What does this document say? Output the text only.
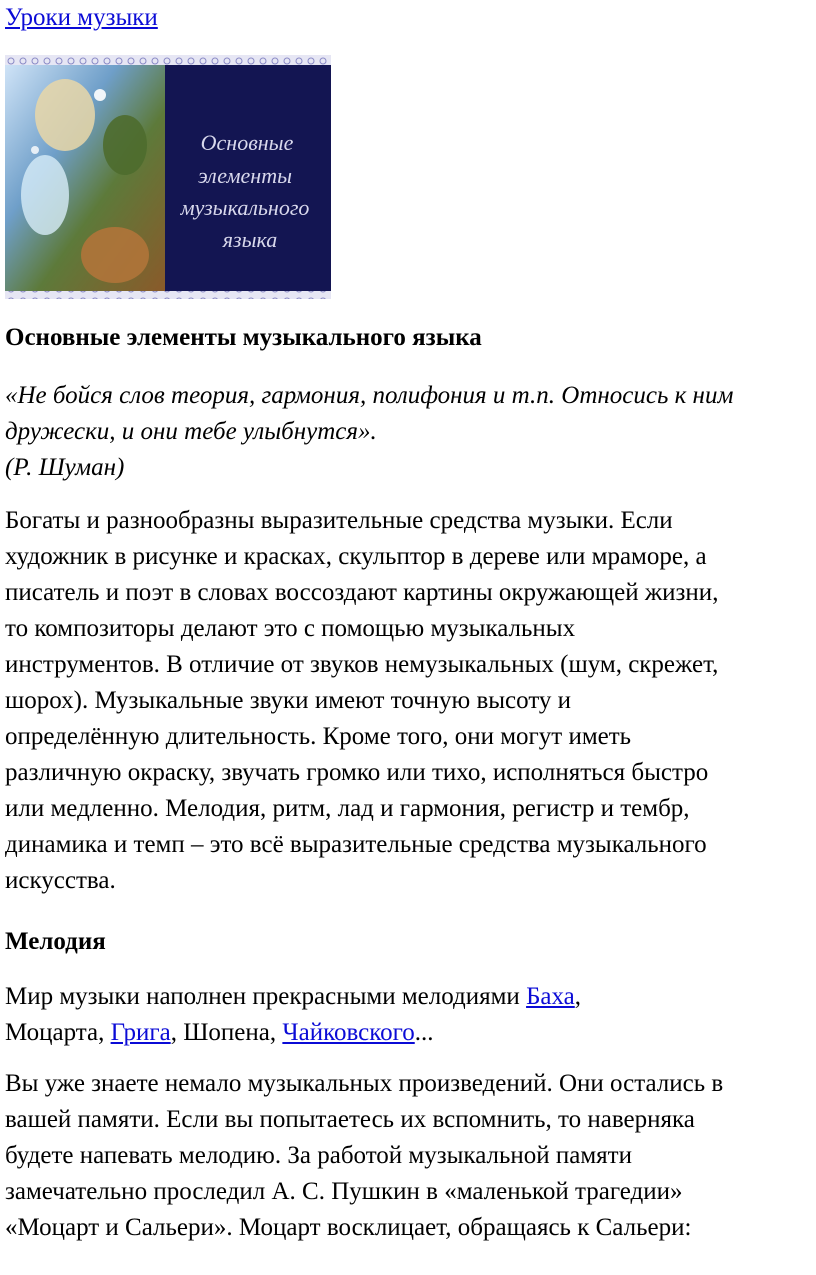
Уроки музыки
Основные
элементы
музыкального
языка

Основные элементы музыкального языка

«Не бойся слов теория, гармония, полифония и т.п. Относись к ним
дружески, и они тебе улыбнутся».
(Р. Шуман)
Богаты и разнообразны выразительные средства музыки. Если
художник в рисунке и красках, скульптор в дереве или мраморе, а
писатель и поэт в словах воссоздают картины окружающей жизни,
то композиторы делают это с помощью музыкальных
инструментов. В отличие от звуков немузыкальных (шум, скрежет,
шорох). Музыкальные звуки имеют точную высоту и
определённую длительность. Кроме того, они могут иметь
различную окраску, звучать громко или тихо, исполняться быстро
или медленно. Мелодия, ритм, лад и гармония, регистр и тембр,
динамика и темп – это всё выразительные средства музыкального
искусства.

Мелодия

Мир музыки наполнен прекрасными мелодиями Баха,
Моцарта, Грига, Шопена, Чайковского...
Вы уже знаете немало музыкальных произведений. Они остались в
вашей памяти. Если вы попытаетесь их вспомнить, то наверняка
будете напевать мелодию. За работой музыкальной памяти
замечательно проследил А. С. Пушкин в «маленькой трагедии»
«Моцарт и Сальери». Моцарт восклицает, обращаясь к Сальери:
